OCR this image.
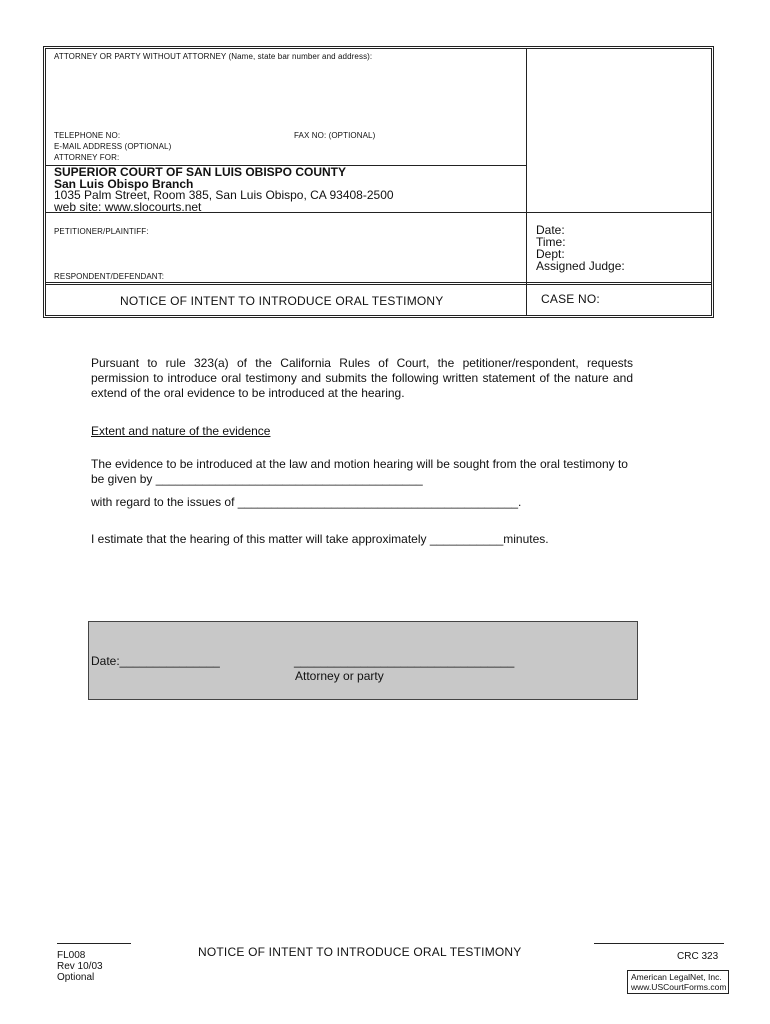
ATTORNEY OR PARTY WITHOUT ATTORNEY (Name, state bar number and address):
TELEPHONE NO:	FAX NO: (OPTIONAL)
E-MAIL ADDRESS (OPTIONAL)
ATTORNEY FOR:
SUPERIOR COURT OF SAN LUIS OBISPO COUNTY
San Luis Obispo Branch
1035 Palm Street, Room 385, San Luis Obispo, CA 93408-2500
web site: www.slocourts.net
PETITIONER/PLAINTIFF:
RESPONDENT/DEFENDANT:
Date:
Time:
Dept:
Assigned Judge:
NOTICE OF INTENT TO INTRODUCE ORAL TESTIMONY	CASE NO:
Pursuant to rule 323(a) of the California Rules of Court, the petitioner/respondent, requests permission to introduce oral testimony and submits the following written statement of the nature and extend of the oral evidence to be introduced at the hearing.
Extent and nature of the evidence
The evidence to be introduced at the law and motion hearing will be sought from the oral testimony to
be given by ________________________________________
with regard to the issues of __________________________________________.
I estimate that the hearing of this matter will take approximately ___________minutes.
Date:_______________	_________________________________
Attorney or party
FL008
Rev 10/03
Optional
NOTICE OF INTENT TO INTRODUCE ORAL TESTIMONY	CRC 323
American LegalNet, Inc.
www.USCourtForms.com
